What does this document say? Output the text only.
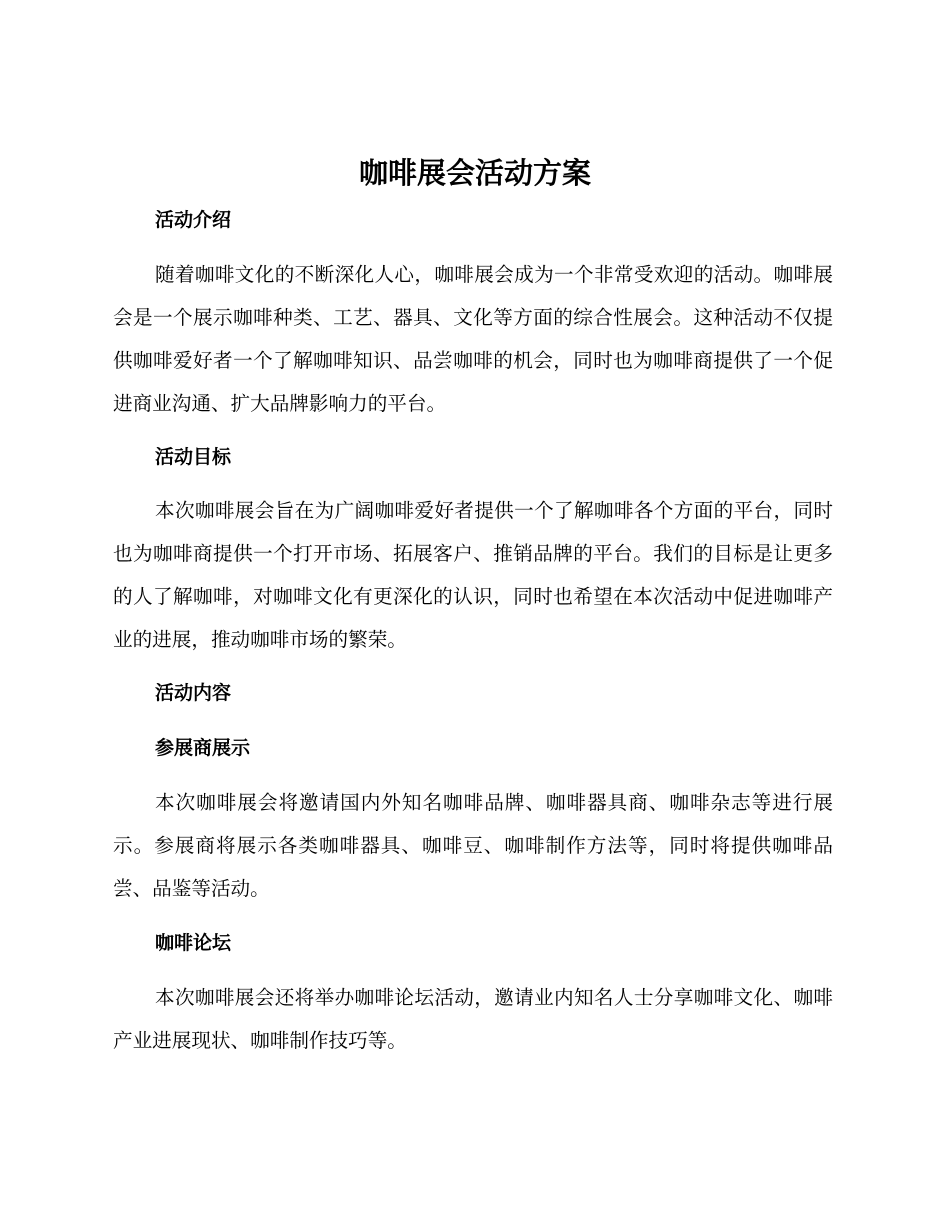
咖啡展会活动方案
活动介绍

随着咖啡文化的不断深化人心，咖啡展会成为一个非常受欢迎的活动。咖啡展会是一个展示咖啡种类、工艺、器具、文化等方面的综合性展会。这种活动不仅提供咖啡爱好者一个了解咖啡知识、品尝咖啡的机会，同时也为咖啡商提供了一个促进商业沟通、扩大品牌影响力的平台。

活动目标

本次咖啡展会旨在为广阔咖啡爱好者提供一个了解咖啡各个方面的平台，同时也为咖啡商提供一个打开市场、拓展客户、推销品牌的平台。我们的目标是让更多的人了解咖啡，对咖啡文化有更深化的认识，同时也希望在本次活动中促进咖啡产业的进展，推动咖啡市场的繁荣。

活动内容
参展商展示

本次咖啡展会将邀请国内外知名咖啡品牌、咖啡器具商、咖啡杂志等进行展示。参展商将展示各类咖啡器具、咖啡豆、咖啡制作方法等，同时将提供咖啡品尝、品鉴等活动。

咖啡论坛

本次咖啡展会还将举办咖啡论坛活动，邀请业内知名人士分享咖啡文化、咖啡产业进展现状、咖啡制作技巧等。
